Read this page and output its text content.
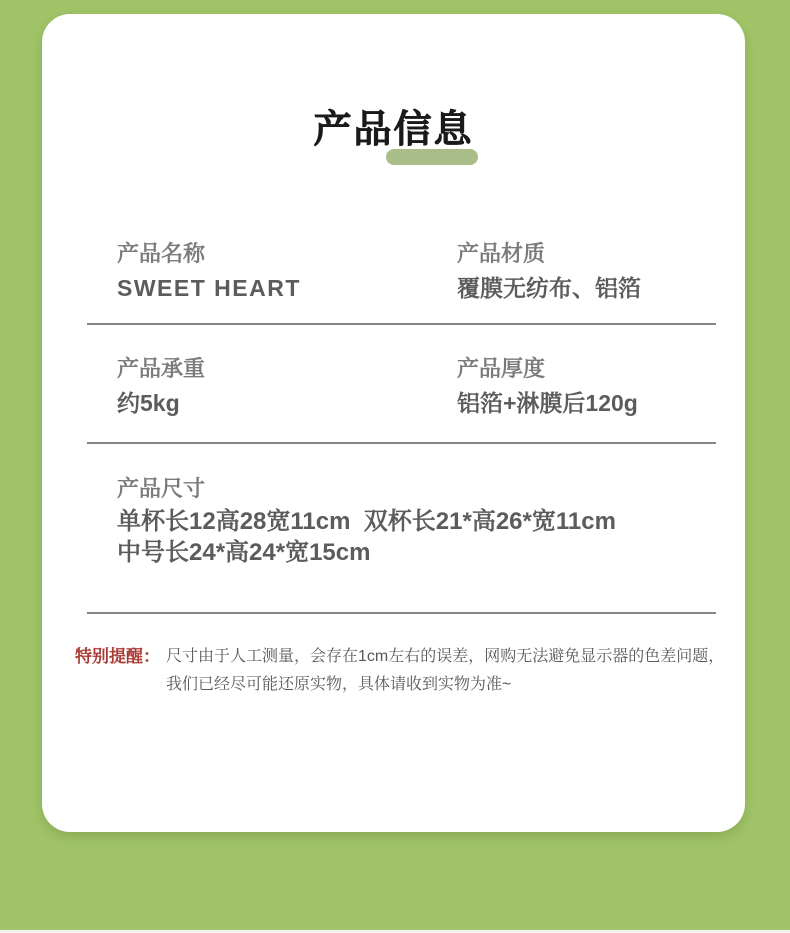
产品信息
产品名称
SWEET HEART
产品材质
覆膜无纺布、铝箔
产品承重
约5kg
产品厚度
铝箔+淋膜后120g
产品尺寸
单杯长12高28宽11cm  双杯长21*高26*宽11cm
中号长24*高24*宽15cm
特别提醒： 尺寸由于人工测量，会存在1cm左右的误差，网购无法避免显示器的色差问题，我们已经尽可能还原实物，具体请收到实物为准~
